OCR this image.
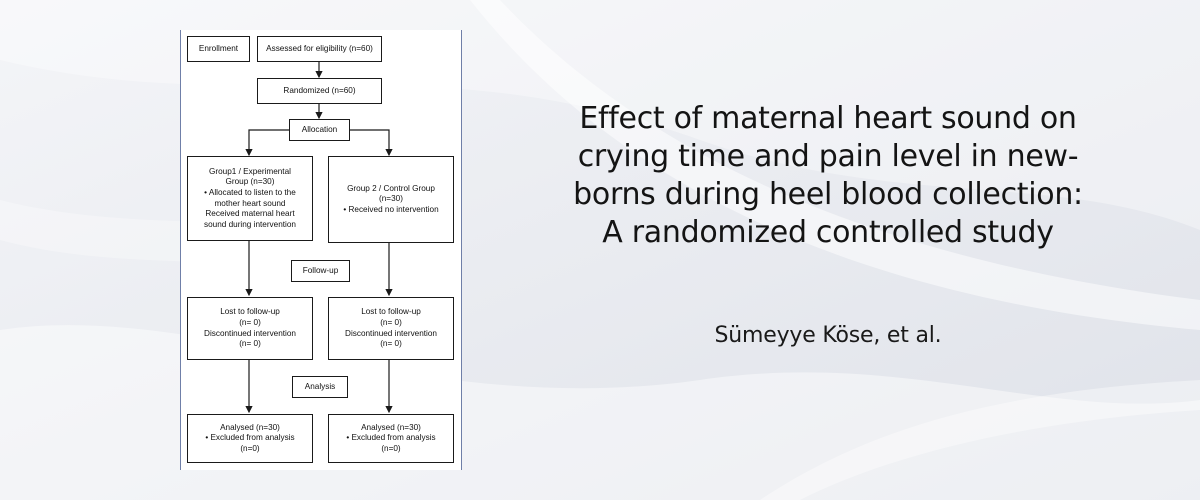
Enrollment	Assessed for eligibility (n=60)
Randomized (n=60)
Allocation
Group1 / Experimental
Group (n=30)
• Allocated to listen to the
mother heart sound
Received maternal heart
sound during intervention
Group 2 / Control Group
(n=30)
• Received no intervention
Follow-up
Lost to follow-up
(n= 0)
Discontinued intervention
(n= 0)
Lost to follow-up
(n= 0)
Discontinued intervention
(n= 0)
Analysis
Analysed (n=30)
• Excluded from analysis
(n=0)
Analysed (n=30)
• Excluded from analysis
(n=0)
Effect of maternal heart sound on
crying time and pain level in new-
borns during heel blood collection:
A randomized controlled study
Sümeyye Köse, et al.
